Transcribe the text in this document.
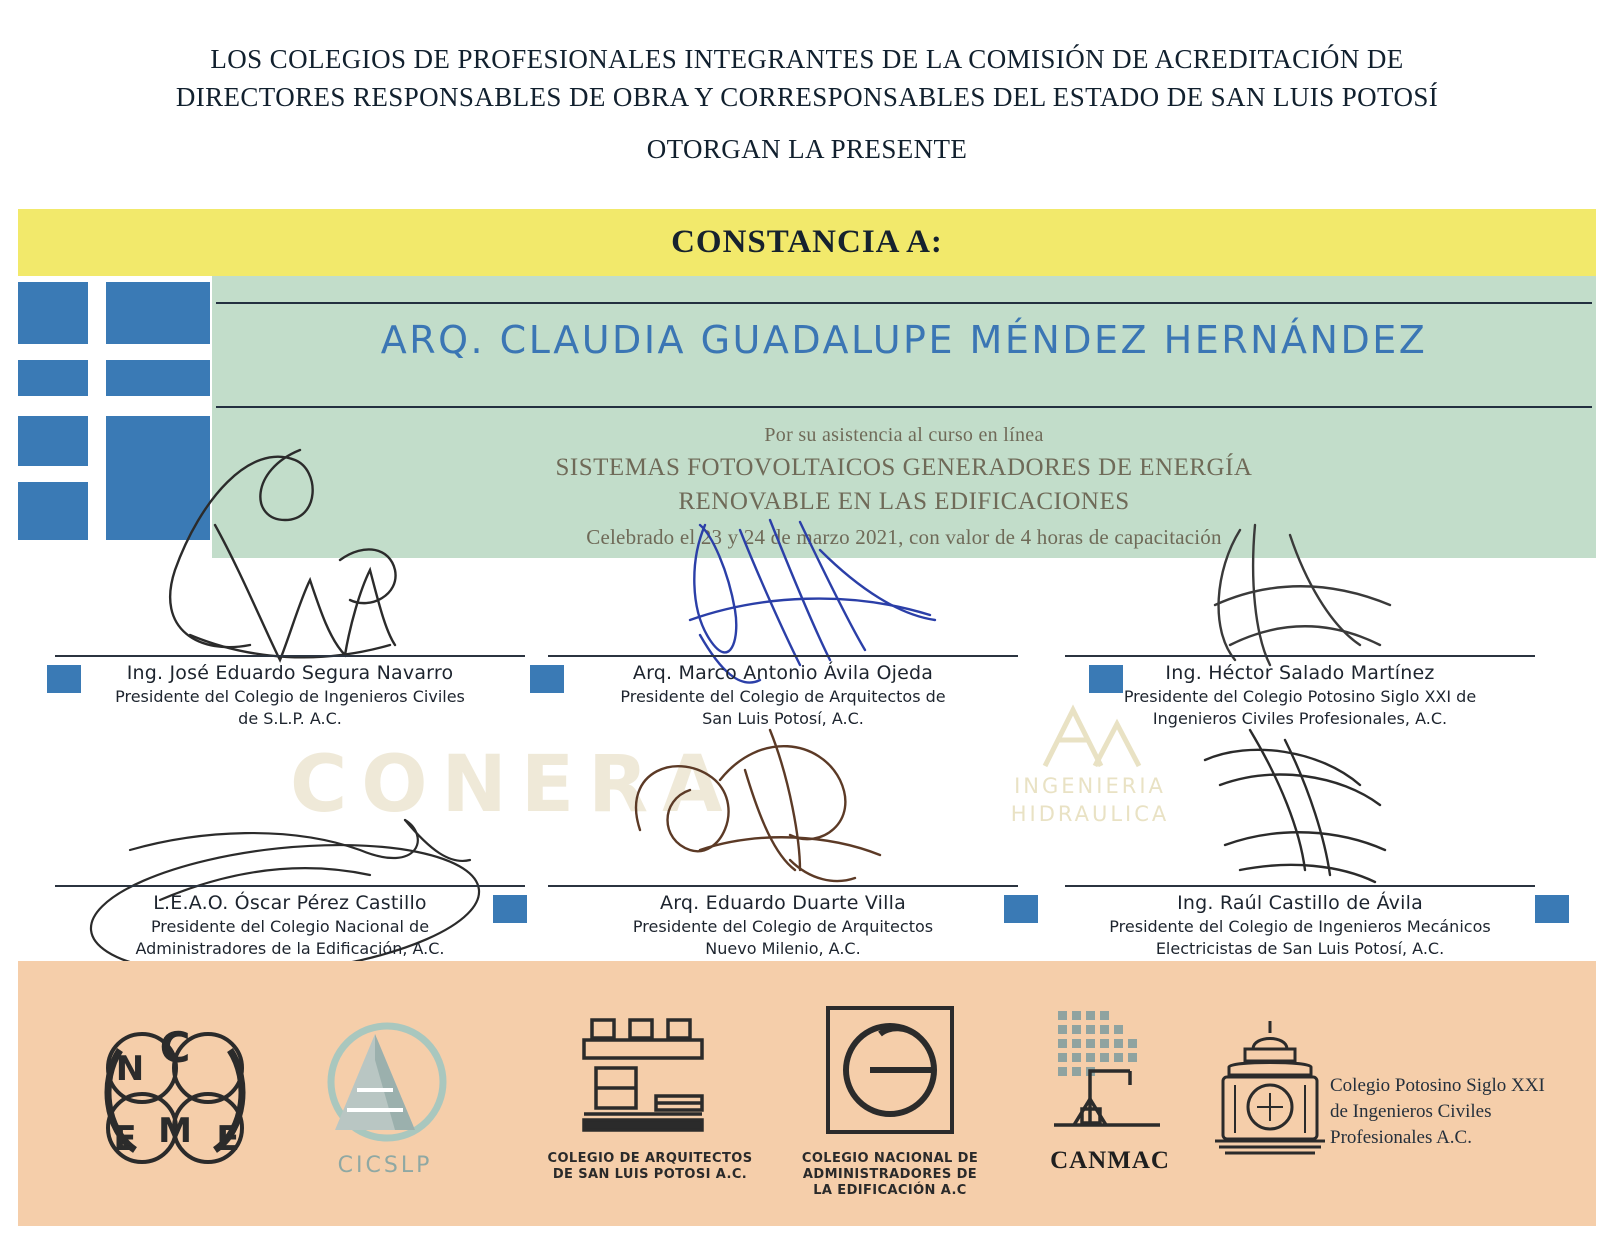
LOS COLEGIOS DE PROFESIONALES INTEGRANTES DE LA COMISIÓN DE ACREDITACIÓN DE
DIRECTORES RESPONSABLES DE OBRA Y CORRESPONSABLES DEL ESTADO DE SAN LUIS POTOSÍ
OTORGAN LA PRESENTE
CONSTANCIA A:
ARQ. CLAUDIA GUADALUPE MÉNDEZ HERNÁNDEZ
Por su asistencia al curso en línea
SISTEMAS FOTOVOLTAICOS GENERADORES DE ENERGÍA
RENOVABLE EN LAS EDIFICACIONES
Celebrado el 23 y 24 de marzo 2021, con valor de 4 horas de capacitación
CONERA	INGENIERIA
HIDRAULICA
Ing. José Eduardo Segura Navarro
Presidente del Colegio de Ingenieros Civiles
de S.L.P. A.C.
Arq. Marco Antonio Ávila Ojeda
Presidente del Colegio de Arquitectos de
San Luis Potosí, A.C.
Ing. Héctor Salado Martínez
Presidente del Colegio Potosino Siglo XXI de
Ingenieros Civiles Profesionales, A.C.
L.E.A.O. Óscar Pérez Castillo
Presidente del Colegio Nacional de
Administradores de la Edificación, A.C.
Arq. Eduardo Duarte Villa
Presidente del Colegio de Arquitectos
Nuevo Milenio, A.C.
Ing. Raúl Castillo de Ávila
Presidente del Colegio de Ingenieros Mecánicos
Electricistas de San Luis Potosí, A.C.
C
N
E M E
CICSLP	COLEGIO DE ARQUITECTOS
DE SAN LUIS POTOSI A.C.
COLEGIO NACIONAL DE
ADMINISTRADORES DE
LA EDIFICACIÓN A.C
CANMAC
Colegio Potosino Siglo XXI
de Ingenieros Civiles
Profesionales A.C.
